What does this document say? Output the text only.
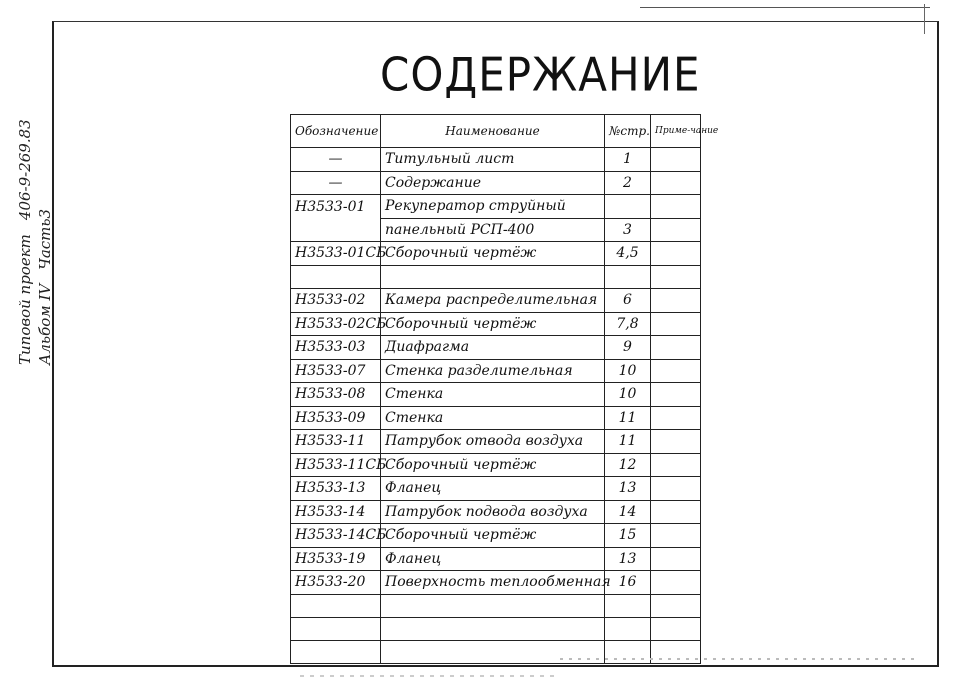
Типовой проект406-9-269.83
Альбом IVЧасть3
СОДЕРЖАНИЕ
Обозначение	Наименование	№стр.	Приме-чание
—	Титульный лист	1	
—	Содержание	2	
Н3533-01	Рекуператор струйный		
	панельный РСП-400	3	
Н3533-01СБ	Сборочный чертёж	4,5	

Н3533-02	Камера распределительная	6	
Н3533-02СБ	Сборочный чертёж	7,8	
Н3533-03	Диафрагма	9	
Н3533-07	Стенка разделительная	10	
Н3533-08	Стенка	10	
Н3533-09	Стенка	11	
Н3533-11	Патрубок отвода воздуха	11	
Н3533-11СБ	Сборочный чертёж	12	
Н3533-13	Фланец	13	
Н3533-14	Патрубок подвода воздуха	14	
Н3533-14СБ	Сборочный чертёж	15	
Н3533-19	Фланец	13	
Н3533-20	Поверхность теплообменная	16	
